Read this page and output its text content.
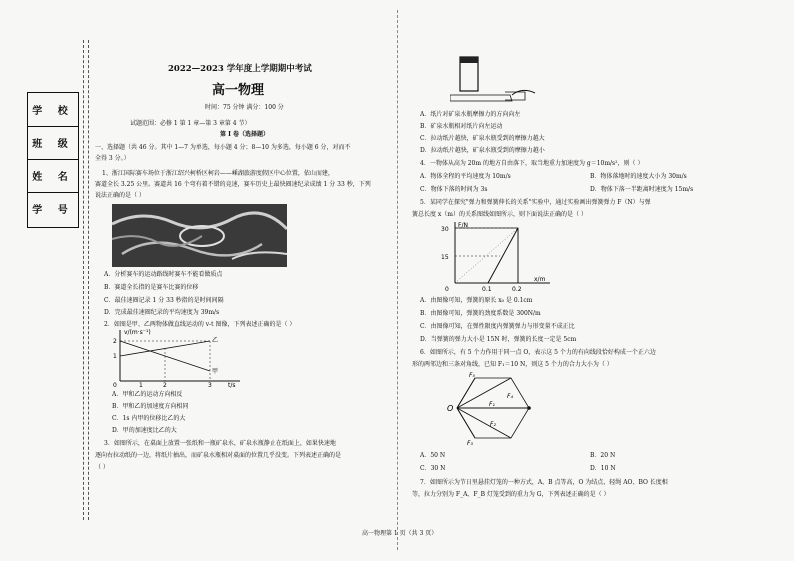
学 校
班 级
姓 名
学 号
2022—2023 学年度上学期期中考试
高一物理
时间：75 分钟 满分：100 分
试题范围：必修 1 第 1 章—第 3 章第 4 节）
第 I 卷（选择题）
一、选择题（共 46 分。其中 1—7 为单选，每小题 4 分；8—10 为多选，每小题 6 分，对而不
全得 3 分。）
1、浙江国际赛车场位于浙江绍兴柯桥区柯岩——嵊湖旅游度假区中心位置，依山而建，
赛道全长 3.25 公里。赛道共 16 个弯有着不错的竞速，赛车历史上最快圈速纪录成绩 1 分 33 秒，下列
说法正确的是（ ）
A．分析赛车的运动路线时赛车不能看做质点
B．赛道全长指的是赛车比赛的位移
C．最佳速圈记录 1 分 33 秒指的是时间间隔
D．完成最佳速圈纪录的平均速度为 39m/s
2．如图是甲、乙两物体做直线运动的 v-t 图像，下列表述正确的是（ ）
v/(m·s⁻¹)
2
1
0	1	2	3	t/s
甲
乙
A．甲和乙的运动方向相反
B．甲和乙的加速度方向相同
C．1s 内甲的位移比乙的大
D．甲的加速度比乙的大
3．如图所示，在桌面上放置一张纸和一瓶矿泉水，矿泉水瓶静止在纸面上，如果快速地
逐向右拉动纸的一边，将纸片抽出，而矿泉水瓶相对桌面的位置几乎没变。下列表述正确的是
（ ）
A．纸片对矿泉水瓶摩擦力的方向向左
B．矿泉水瓶相对纸片向左运动
C．拉动纸片越快，矿泉水瓶受到的摩擦力越大
D．拉动纸片越快，矿泉水瓶受到的摩擦力越小
4．一物体从高为 20m 的地方自由落下，取当地重力加速度为 g＝10m/s²，则（ ）
A．物体全程的平均速度为 10m/s	B．物体落地时的速度大小为 30m/s
C．物体下落的时间为 3s	D．物体下落一半距离时速度为 15m/s
5．某同学在探究"弹力和弹簧伸长的关系"实验中，通过实验画出弹簧弹力 F（N）与弹
簧总长度 x（m）的关系图线如图所示，则下面说法正确的是（ ）
F/N
30
15
0	0.1	0.2
x/m
A．由图像可知，弹簧的原长 x₀ 是 0.1cm
B．由图像可知，弹簧的劲度系数是 300N/m
C．由图像可知，在弹性限度内弹簧弹力与形变量不成正比
D．当弹簧的弹力大小是 15N 时，弹簧的长度一定是 5cm
6．如图所示，有 5 个力作用于同一点 O，表示这 5 个力的有向线段恰好构成一个正六边
形的两邻边和三条对角线，已知 F₁＝10 N，则这 5 个力的合力大小为（ ）
O	F₁
F₂
F₃
F₄
F₅
A．50 N	B．20 N
C．30 N	D．10 N
7．如图所示为节日里悬挂灯笼的一种方式，A、B 点等高，O 为结点，轻绳 AO、BO 长度相
等，拉力分别为 F_A、F_B 灯笼受到的重力为 G，下列表述正确的是（ ）
高一物理第 1 页（共 3 页）
